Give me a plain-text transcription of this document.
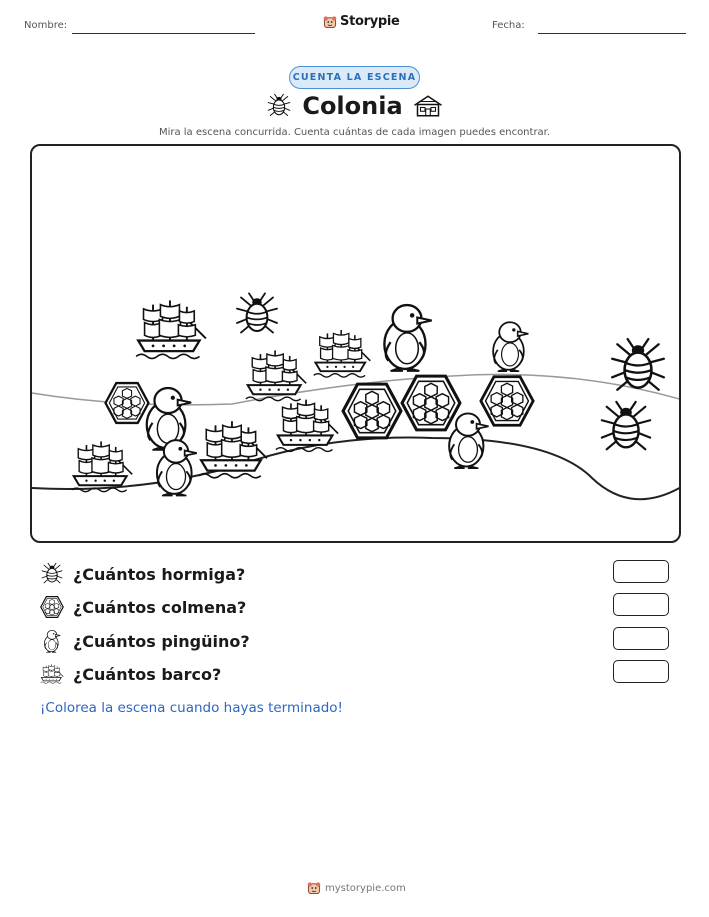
Nombre:	Storypie	Fecha:
CUENTA LA ESCENA
Colonia
Mira la escena concurrida. Cuenta cuántas de cada imagen puedes encontrar.
¿Cuántos hormiga?
¿Cuántos colmena?
¿Cuántos pingüino?
¿Cuántos barco?
¡Colorea la escena cuando hayas terminado!
mystorypie.com
